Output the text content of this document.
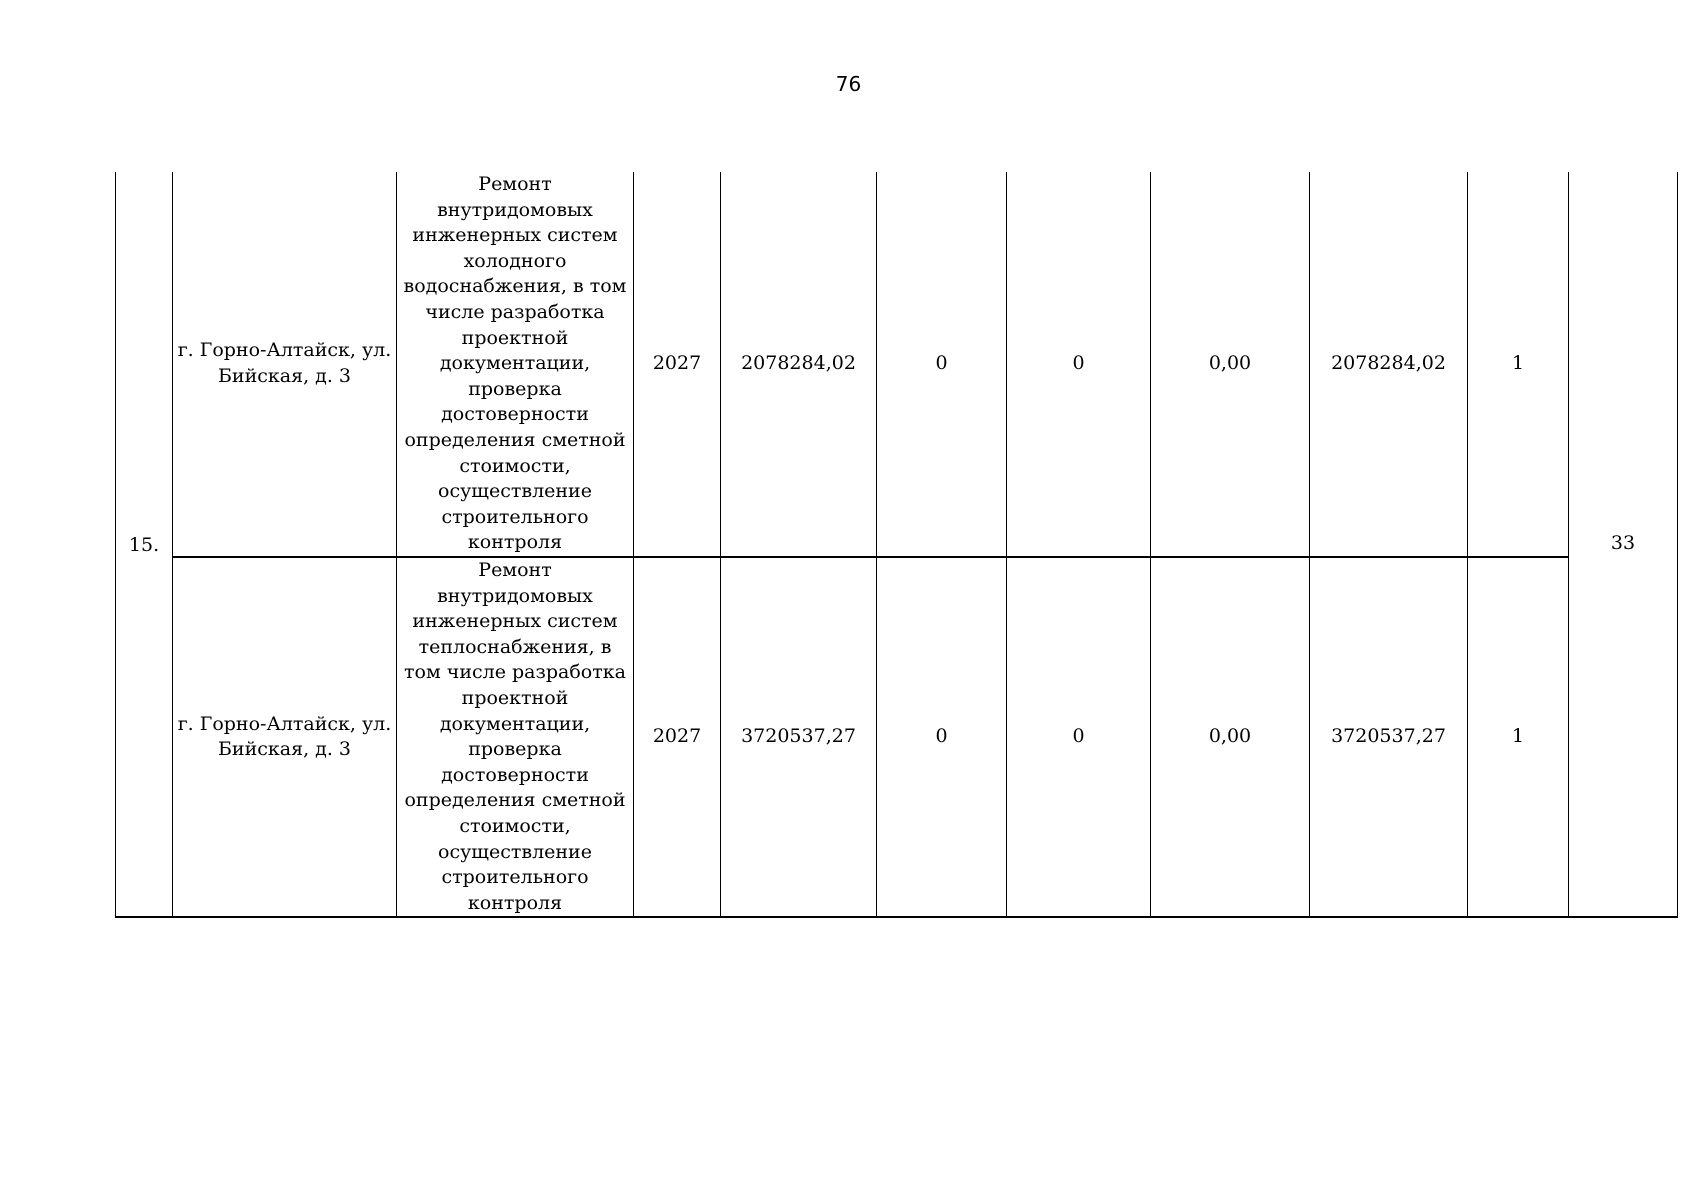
76
15.	г. Горно-Алтайск, ул. Бийская, д. 3	Ремонт внутридомовых инженерных систем холодного водоснабжения, в том числе разработка проектной документации, проверка достоверности определения сметной стоимости, осуществление строительного контроля	2027	2078284,02	0	0	0,00	2078284,02	1	33
	г. Горно-Алтайск, ул. Бийская, д. 3	Ремонт внутридомовых инженерных систем теплоснабжения, в том числе разработка проектной документации, проверка достоверности определения сметной стоимости, осуществление строительного контроля	2027	3720537,27	0	0	0,00	3720537,27	1	
